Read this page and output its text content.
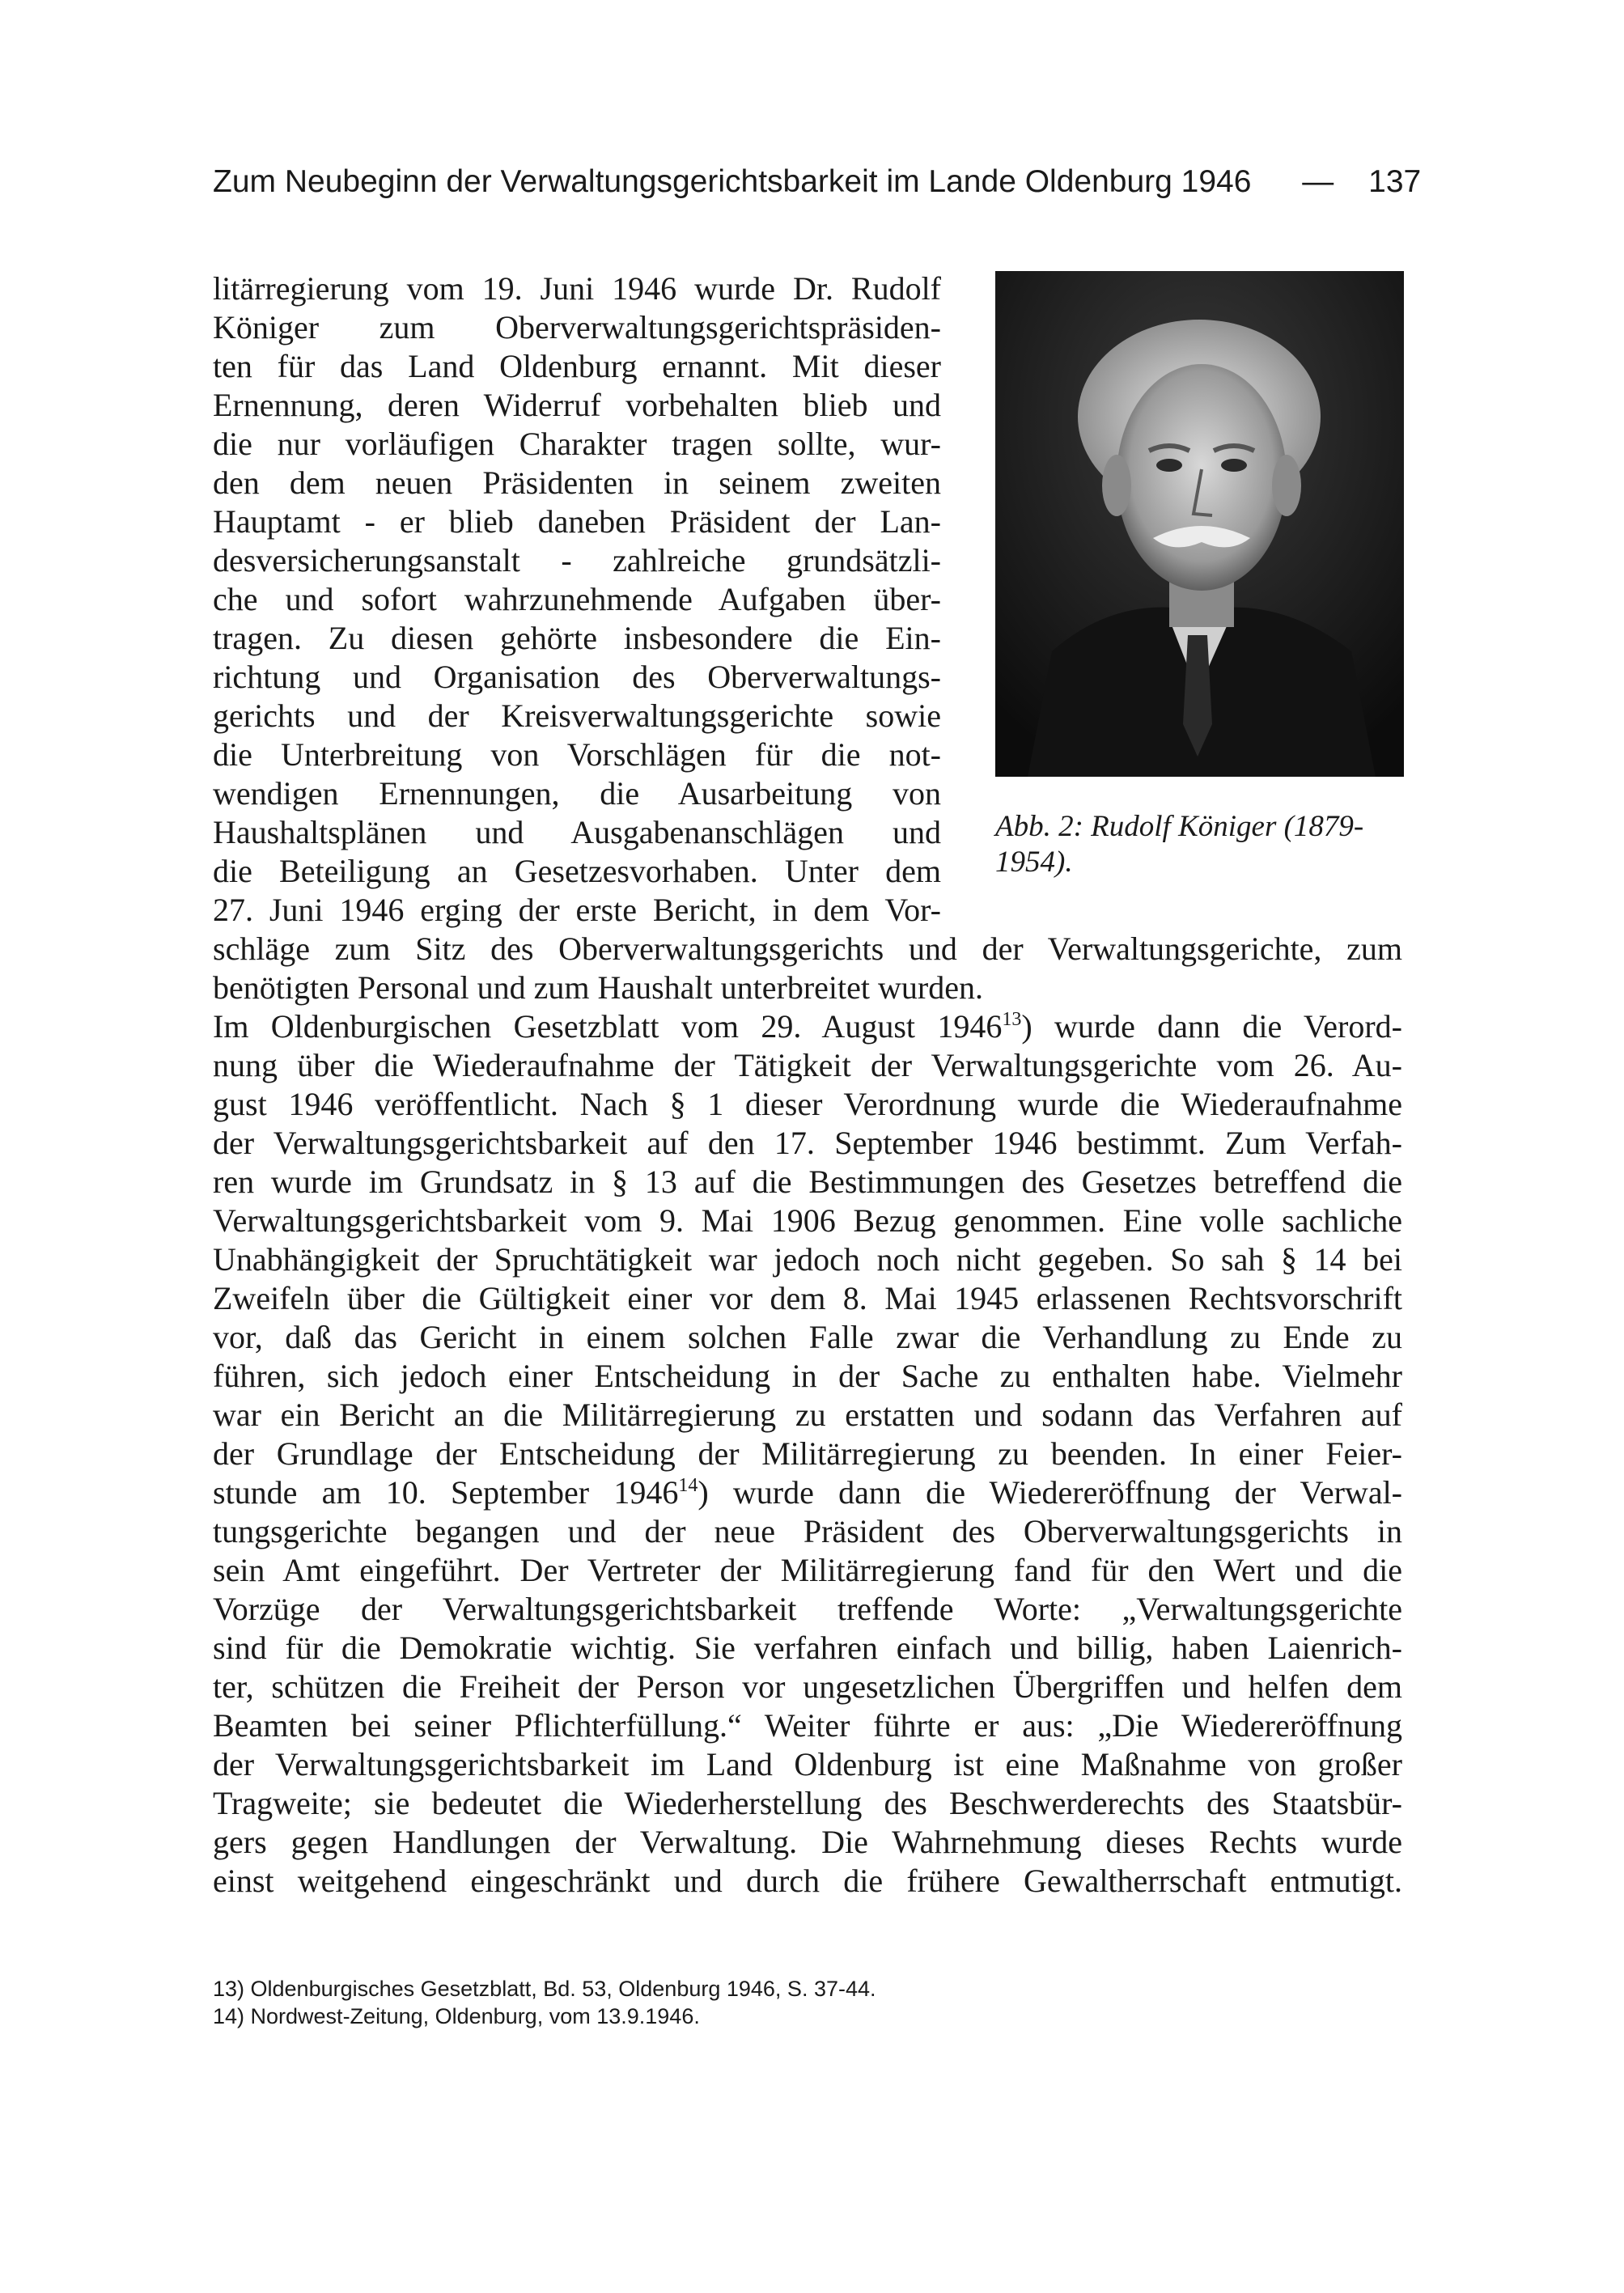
Zum Neubeginn der Verwaltungsgerichtsbarkeit im Lande Oldenburg 1946 — 137
Abb. 2: Rudolf Königer (1879-
1954).
litärregierung vom 19. Juni 1946 wurde Dr. Rudolf
Königer zum Oberverwaltungsgerichtspräsiden-
ten für das Land Oldenburg ernannt. Mit dieser
Ernennung, deren Widerruf vorbehalten blieb und
die nur vorläufigen Charakter tragen sollte, wur-
den dem neuen Präsidenten in seinem zweiten
Hauptamt - er blieb daneben Präsident der Lan-
desversicherungsanstalt - zahlreiche grundsätzli-
che und sofort wahrzunehmende Aufgaben über-
tragen. Zu diesen gehörte insbesondere die Ein-
richtung und Organisation des Oberverwaltungs-
gerichts und der Kreisverwaltungsgerichte sowie
die Unterbreitung von Vorschlägen für die not-
wendigen Ernennungen, die Ausarbeitung von
Haushaltsplänen und Ausgabenanschlägen und
die Beteiligung an Gesetzesvorhaben. Unter dem
27. Juni 1946 erging der erste Bericht, in dem Vor-
schläge zum Sitz des Oberverwaltungsgerichts und der Verwaltungsgerichte, zum
benötigten Personal und zum Haushalt unterbreitet wurden.
Im Oldenburgischen Gesetzblatt vom 29. August 1946$^{13}$) wurde dann die Verord-
nung über die Wiederaufnahme der Tätigkeit der Verwaltungsgerichte vom 26. Au-
gust 1946 veröffentlicht. Nach § 1 dieser Verordnung wurde die Wiederaufnahme
der Verwaltungsgerichtsbarkeit auf den 17. September 1946 bestimmt. Zum Verfah-
ren wurde im Grundsatz in § 13 auf die Bestimmungen des Gesetzes betreffend die
Verwaltungsgerichtsbarkeit vom 9. Mai 1906 Bezug genommen. Eine volle sachliche
Unabhängigkeit der Spruchtätigkeit war jedoch noch nicht gegeben. So sah § 14 bei
Zweifeln über die Gültigkeit einer vor dem 8. Mai 1945 erlassenen Rechtsvorschrift
vor, daß das Gericht in einem solchen Falle zwar die Verhandlung zu Ende zu
führen, sich jedoch einer Entscheidung in der Sache zu enthalten habe. Vielmehr
war ein Bericht an die Militärregierung zu erstatten und sodann das Verfahren auf
der Grundlage der Entscheidung der Militärregierung zu beenden. In einer Feier-
stunde am 10. September 1946$^{14}$) wurde dann die Wiedereröffnung der Verwal-
tungsgerichte begangen und der neue Präsident des Oberverwaltungsgerichts in
sein Amt eingeführt. Der Vertreter der Militärregierung fand für den Wert und die
Vorzüge der Verwaltungsgerichtsbarkeit treffende Worte: „Verwaltungsgerichte
sind für die Demokratie wichtig. Sie verfahren einfach und billig, haben Laienrich-
ter, schützen die Freiheit der Person vor ungesetzlichen Übergriffen und helfen dem
Beamten bei seiner Pflichterfüllung.“ Weiter führte er aus: „Die Wiedereröffnung
der Verwaltungsgerichtsbarkeit im Land Oldenburg ist eine Maßnahme von großer
Tragweite; sie bedeutet die Wiederherstellung des Beschwerderechts des Staatsbür-
gers gegen Handlungen der Verwaltung. Die Wahrnehmung dieses Rechts wurde
einst weitgehend eingeschränkt und durch die frühere Gewaltherrschaft entmutigt.
13) Oldenburgisches Gesetzblatt, Bd. 53, Oldenburg 1946, S. 37-44.
14) Nordwest-Zeitung, Oldenburg, vom 13.9.1946.
